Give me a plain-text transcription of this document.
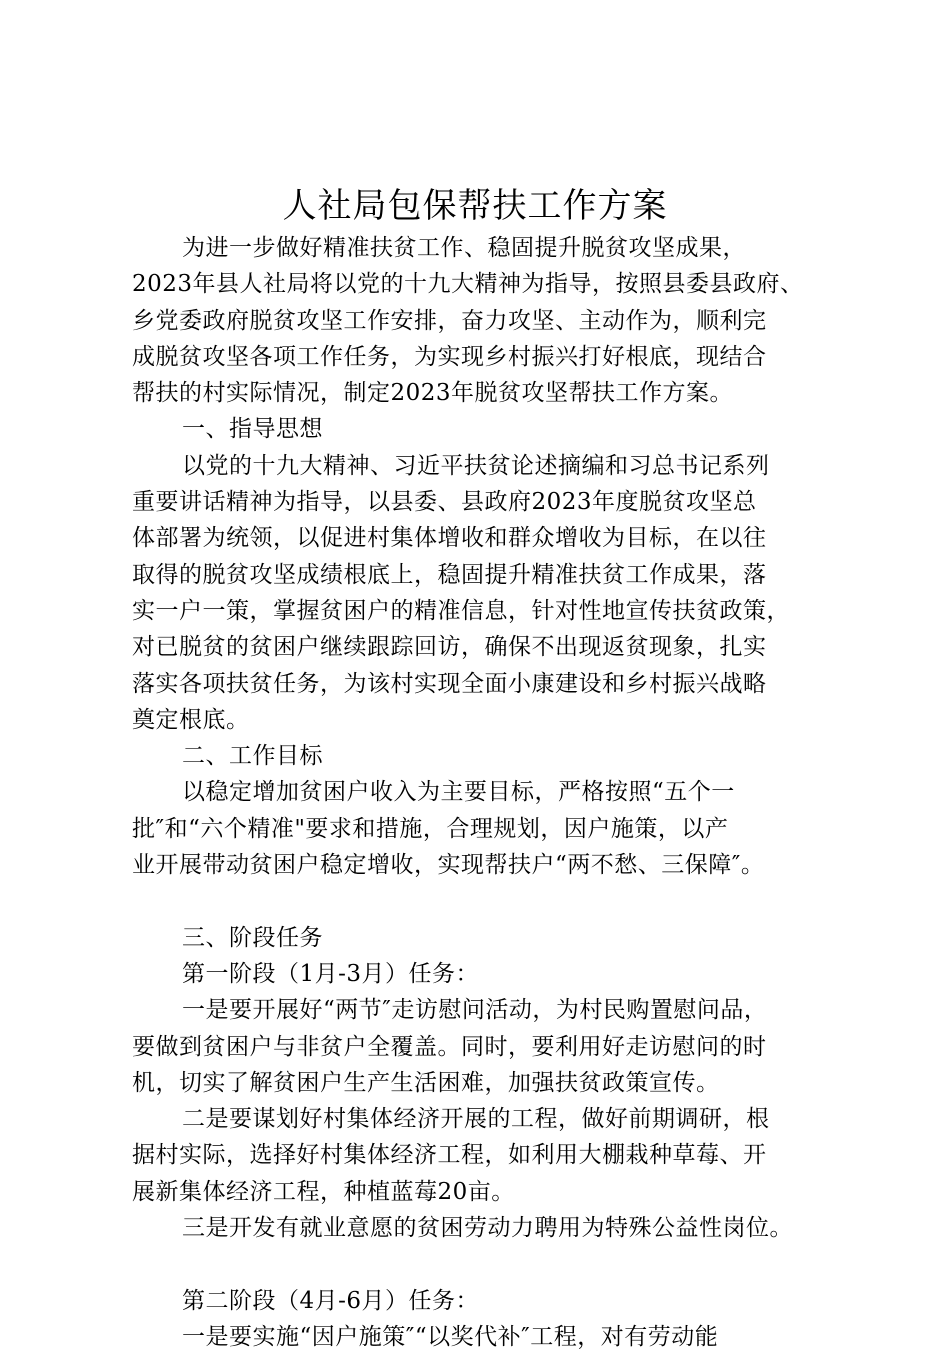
人社局包保帮扶工作方案
为进一步做好精准扶贫工作、稳固提升脱贫攻坚成果，
2023年县人社局将以党的十九大精神为指导，按照县委县政府、
乡党委政府脱贫攻坚工作安排，奋力攻坚、主动作为，顺利完
成脱贫攻坚各项工作任务，为实现乡村振兴打好根底，现结合
帮扶的村实际情况，制定2023年脱贫攻坚帮扶工作方案。
一、指导思想
以党的十九大精神、习近平扶贫论述摘编和习总书记系列
重要讲话精神为指导，以县委、县政府2023年度脱贫攻坚总
体部署为统领，以促进村集体增收和群众增收为目标，在以往
取得的脱贫攻坚成绩根底上，稳固提升精准扶贫工作成果，落
实一户一策，掌握贫困户的精准信息，针对性地宣传扶贫政策，
对已脱贫的贫困户继续跟踪回访，确保不出现返贫现象，扎实
落实各项扶贫任务，为该村实现全面小康建设和乡村振兴战略
奠定根底。
二、工作目标
以稳定增加贫困户收入为主要目标，严格按照“五个一
批″和“六个精准"要求和措施，合理规划，因户施策，以产
业开展带动贫困户稳定增收，实现帮扶户“两不愁、三保障″。
三、阶段任务
第一阶段（1月-3月）任务：
一是要开展好“两节″走访慰问活动，为村民购置慰问品，
要做到贫困户与非贫户全覆盖。同时，要利用好走访慰问的时
机，切实了解贫困户生产生活困难，加强扶贫政策宣传。
二是要谋划好村集体经济开展的工程，做好前期调研，根
据村实际，选择好村集体经济工程，如利用大棚栽种草莓、开
展新集体经济工程，种植蓝莓20亩。
三是开发有就业意愿的贫困劳动力聘用为特殊公益性岗位。
第二阶段（4月-6月）任务：
一是要实施“因户施策″“以奖代补″工程，对有劳动能
